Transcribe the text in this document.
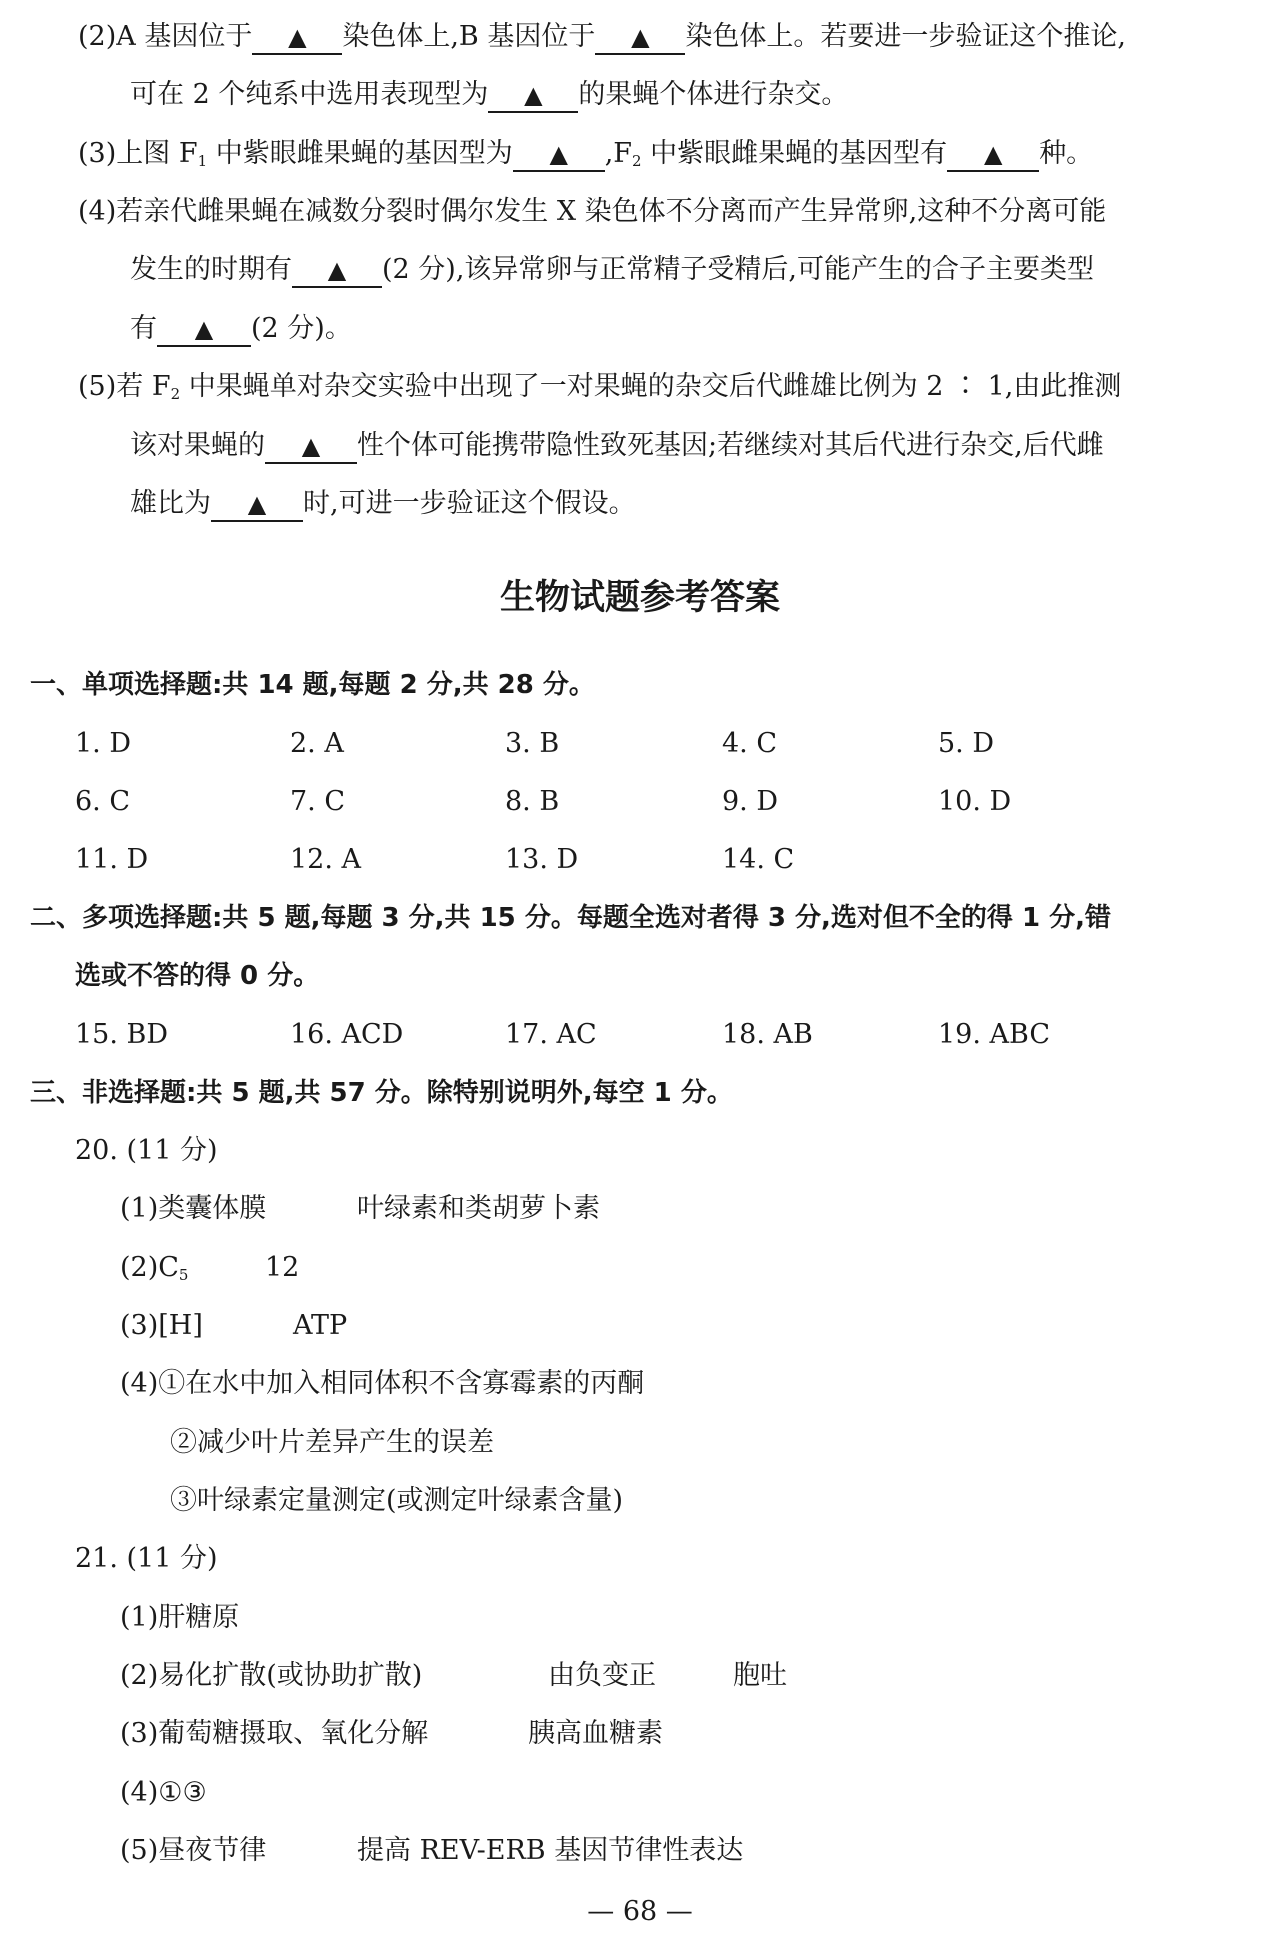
(2)A 基因位于 ▲ 染色体上,B 基因位于 ▲ 染色体上。若要进一步验证这个推论,
可在 2 个纯系中选用表现型为 ▲ 的果蝇个体进行杂交。
(3)上图 $F_1$ 中紫眼雌果蝇的基因型为 ▲ $,F_2$ 中紫眼雌果蝇的基因型有 ▲ 种。
(4)若亲代雌果蝇在减数分裂时偶尔发生 X 染色体不分离而产生异常卵,这种不分离可能
发生的时期有 ▲ (2 分),该异常卵与正常精子受精后,可能产生的合子主要类型
有 ▲ (2 分)。
(5)若 $F_2$ 中果蝇单对杂交实验中出现了一对果蝇的杂交后代雌雄比例为 2 ∶ 1,由此推测
该对果蝇的 ▲ 性个体可能携带隐性致死基因;若继续对其后代进行杂交,后代雌
雄比为 ▲ 时,可进一步验证这个假设。
生物试题参考答案
一、单项选择题:共 14 题,每题 2 分,共 28 分。
1. D	2. A	3. B	4. C	5. D
6. C	7. C	8. B	9. D	10. D
11. D	12. A	13. D	14. C
二、多项选择题:共 5 题,每题 3 分,共 15 分。每题全选对者得 3 分,选对但不全的得 1 分,错
选或不答的得 0 分。
15. BD	16. ACD	17. AC	18. AB	19. ABC
三、非选择题:共 5 题,共 57 分。除特别说明外,每空 1 分。
20. (11 分)
(1)类囊体膜	叶绿素和类胡萝卜素
$(2)C_5$	12
(3)[H]	ATP
(4)①在水中加入相同体积不含寡霉素的丙酮
②减少叶片差异产生的误差
③叶绿素定量测定(或测定叶绿素含量)
21. (11 分)
(1)肝糖原
(2)易化扩散(或协助扩散)	由负变正	胞吐
(3)葡萄糖摄取、氧化分解	胰高血糖素
(4)①③
(5)昼夜节律	提高 REV-ERB 基因节律性表达
— 68 —
